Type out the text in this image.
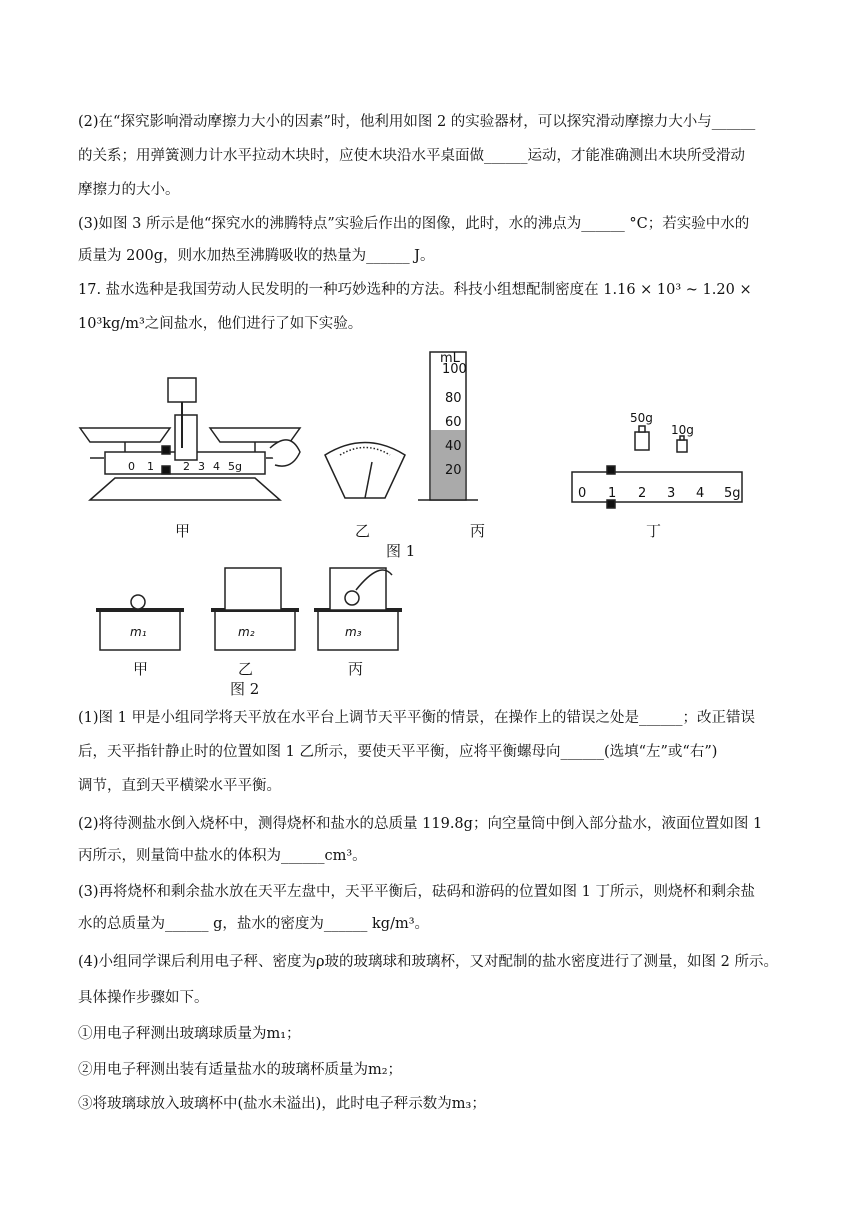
(2)在“探究影响滑动摩擦力大小的因素”时，他利用如图 2 的实验器材，可以探究滑动摩擦力大小与______
的关系；用弹簧测力计水平拉动木块时，应使木块沿水平桌面做______运动，才能准确测出木块所受滑动
摩擦力的大小。
(3)如图 3 所示是他“探究水的沸腾特点”实验后作出的图像，此时，水的沸点为______ °C；若实验中水的
质量为 200g，则水加热至沸腾吸收的热量为______ J。
17. 盐水选种是我国劳动人民发明的一种巧妙选种的方法。科技小组想配制密度在 1.16 × 10³ ~ 1.20 ×
10³kg/m³之间盐水，他们进行了如下实验。
0 1	2 3 4 5g
mL
100
80
60
40
20
50g
10g
0 1 2 3 4 5g
甲	乙	丙	丁
图 1
m₁	m₂	m₃
甲	乙	丙
图 2
(1)图 1 甲是小组同学将天平放在水平台上调节天平平衡的情景，在操作上的错误之处是______；改正错误
后，天平指针静止时的位置如图 1 乙所示，要使天平平衡，应将平衡螺母向______(选填“左”或“右”)
调节，直到天平横梁水平平衡。
(2)将待测盐水倒入烧杯中，测得烧杯和盐水的总质量 119.8g；向空量筒中倒入部分盐水，液面位置如图 1
丙所示，则量筒中盐水的体积为______cm³。
(3)再将烧杯和剩余盐水放在天平左盘中，天平平衡后，砝码和游码的位置如图 1 丁所示，则烧杯和剩余盐
水的总质量为______ g，盐水的密度为______ kg/m³。
(4)小组同学课后利用电子秤、密度为ρ玻的玻璃球和玻璃杯，又对配制的盐水密度进行了测量，如图 2 所示。
具体操作步骤如下。
①用电子秤测出玻璃球质量为m₁；
②用电子秤测出装有适量盐水的玻璃杯质量为m₂；
③将玻璃球放入玻璃杯中(盐水未溢出)，此时电子秤示数为m₃；
